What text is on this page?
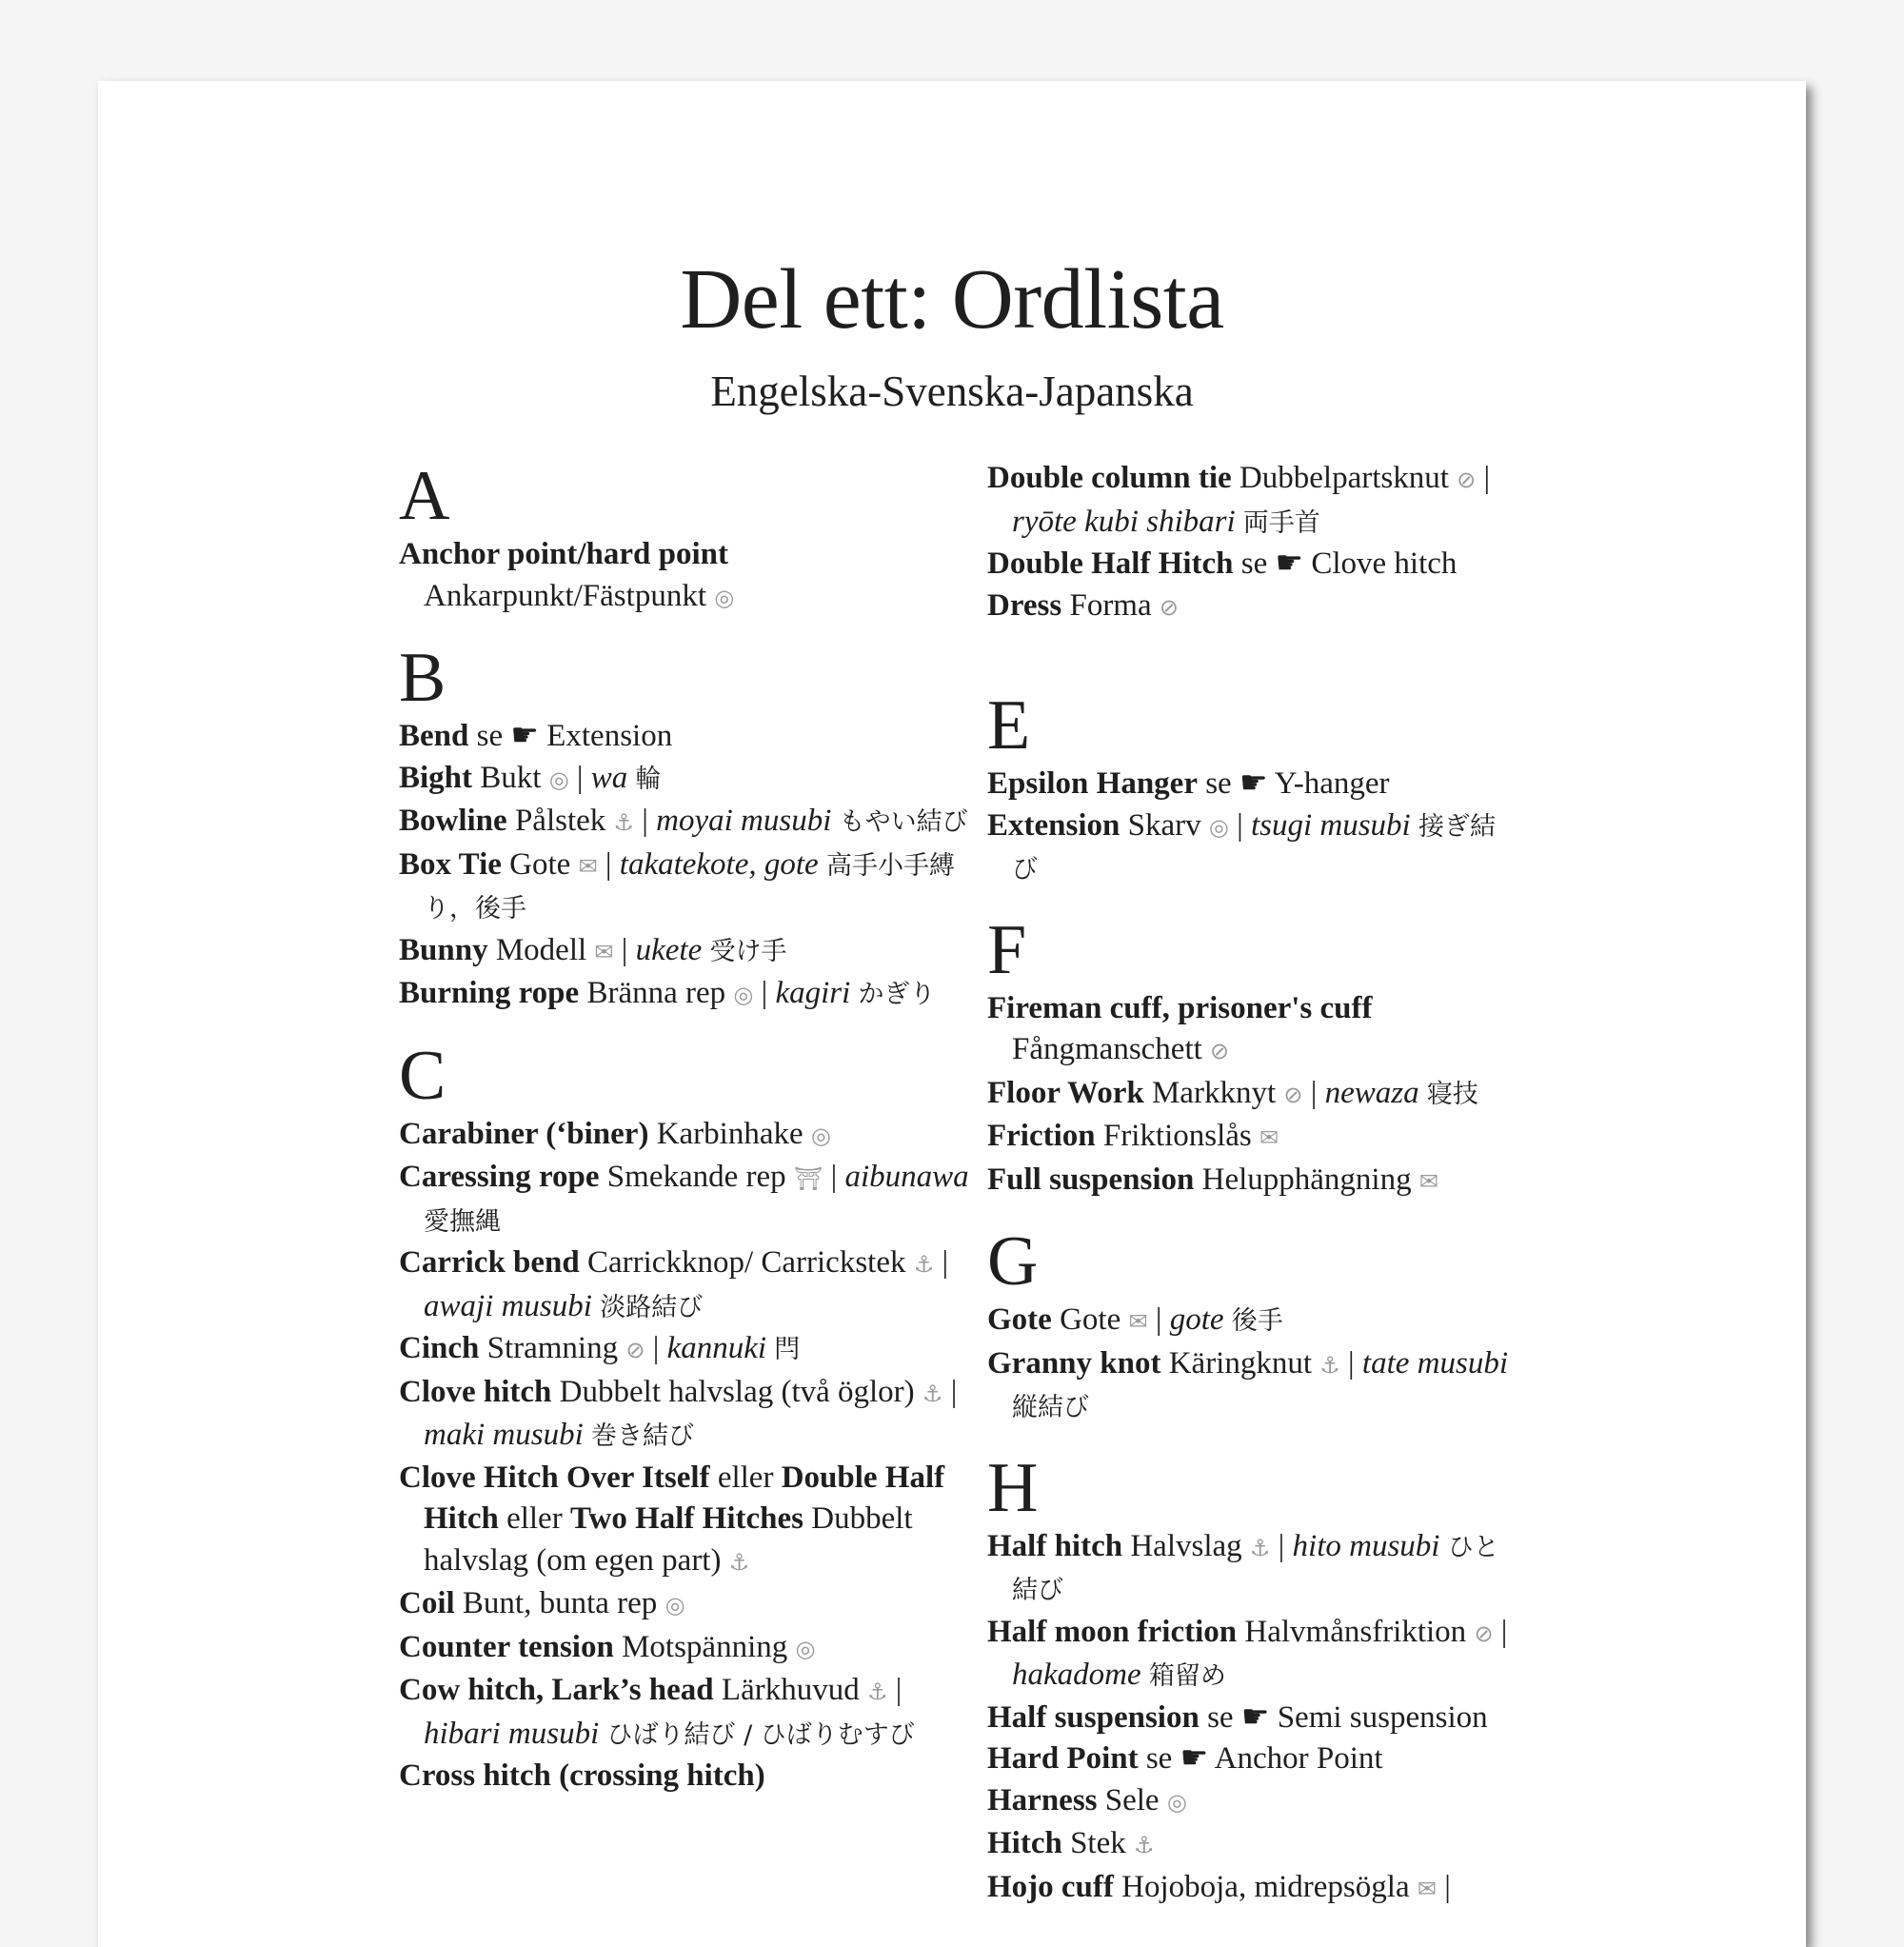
Del ett: Ordlista
Engelska-Svenska-Japanska
A
Anchor point/hard point Ankarpunkt/Fästpunkt ◎
B
Bend se ☛ Extension
Bight Bukt ◎ | wa 輪
Bowline Pålstek ⚓ | moyai musubi もやい結び
Box Tie Gote ✉ | takatekote, gote 高手小手縛り，後手
Bunny Modell ✉ | ukete 受け手
Burning rope Bränna rep ◎ | kagiri かぎり
C
Carabiner (‘biner) Karbinhake ◎
Caressing rope Smekande rep ⛩ | aibunawa 愛撫縄
Carrick bend Carrickknop/ Carrickstek ⚓ | awaji musubi 淡路結び
Cinch Stramning ⊘ | kannuki 閂
Clove hitch Dubbelt halvslag (två öglor) ⚓ | maki musubi 巻き結び
Clove Hitch Over Itself eller Double Half Hitch eller Two Half Hitches Dubbelt halvslag (om egen part) ⚓
Coil Bunt, bunta rep ◎
Counter tension Motspänning ◎
Cow hitch, Lark’s head Lärkhuvud ⚓ | hibari musubi ひばり結び / ひばりむすび
Cross hitch (crossing hitch)
Double column tie Dubbelpartsknut ⊘ | ryōte kubi shibari 両手首
Double Half Hitch se ☛ Clove hitch
Dress Forma ⊘
E
Epsilon Hanger se ☛ Y-hanger
Extension Skarv ◎ | tsugi musubi 接ぎ結び
F
Fireman cuff, prisoner's cuff Fångmanschett ⊘
Floor Work Markknyt ⊘ | newaza 寝技
Friction Friktionslås ✉
Full suspension Helupphängning ✉
G
Gote Gote ✉ | gote 後手
Granny knot Käringknut ⚓ | tate musubi 縦結び
H
Half hitch Halvslag ⚓ | hito musubi ひと結び
Half moon friction Halvmånsfriktion ⊘ | hakadome 箱留め
Half suspension se ☛ Semi suspension
Hard Point se ☛ Anchor Point
Harness Sele ◎
Hitch Stek ⚓
Hojo cuff Hojoboja, midrepsögla ✉ |
